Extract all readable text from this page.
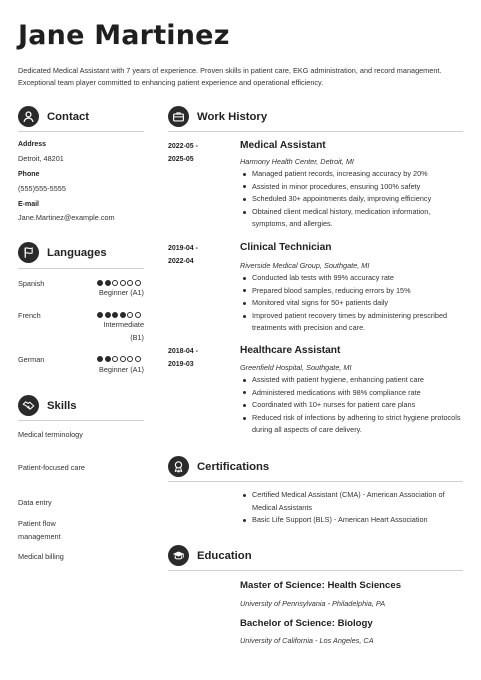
Jane Martinez
Dedicated Medical Assistant with 7 years of experience. Proven skills in patient care, EKG administration, and record management. Exceptional team player committed to enhancing patient experience and operational efficiency.
Contact
Address
Detroit, 48201
Phone
(555)555-5555
E-mail
Jane.Martinez@example.com
Languages
Spanish
Beginner (A1)
French
Intermediate
(B1)
German
Beginner (A1)
Skills
Medical terminology
Patient-focused care
Data entry
Patient flow management
Medical billing
Work History
2022-05 -
2025-05
Medical Assistant
Harmony Health Center, Detroit, MI
Managed patient records, increasing accuracy by 20%
Assisted in minor procedures, ensuring 100% safety
Scheduled 30+ appointments daily, improving efficiency
Obtained client medical history, medication information, symptoms, and allergies.
2019-04 -
2022-04
Clinical Technician
Riverside Medical Group, Southgate, MI
Conducted lab tests with 99% accuracy rate
Prepared blood samples, reducing errors by 15%
Monitored vital signs for 50+ patients daily
Improved patient recovery times by administering prescribed treatments with precision and care.
2018-04 -
2019-03
Healthcare Assistant
Greenfield Hospital, Southgate, MI
Assisted with patient hygiene, enhancing patient care
Administered medications with 98% compliance rate
Coordinated with 10+ nurses for patient care plans
Reduced risk of infections by adhering to strict hygiene protocols during all aspects of care delivery.
Certifications
Certified Medical Assistant (CMA) - American Association of Medical Assistants
Basic Life Support (BLS) - American Heart Association
Education
Master of Science: Health Sciences
University of Pennsylvania - Philadelphia, PA
Bachelor of Science: Biology
University of California - Los Angeles, CA
